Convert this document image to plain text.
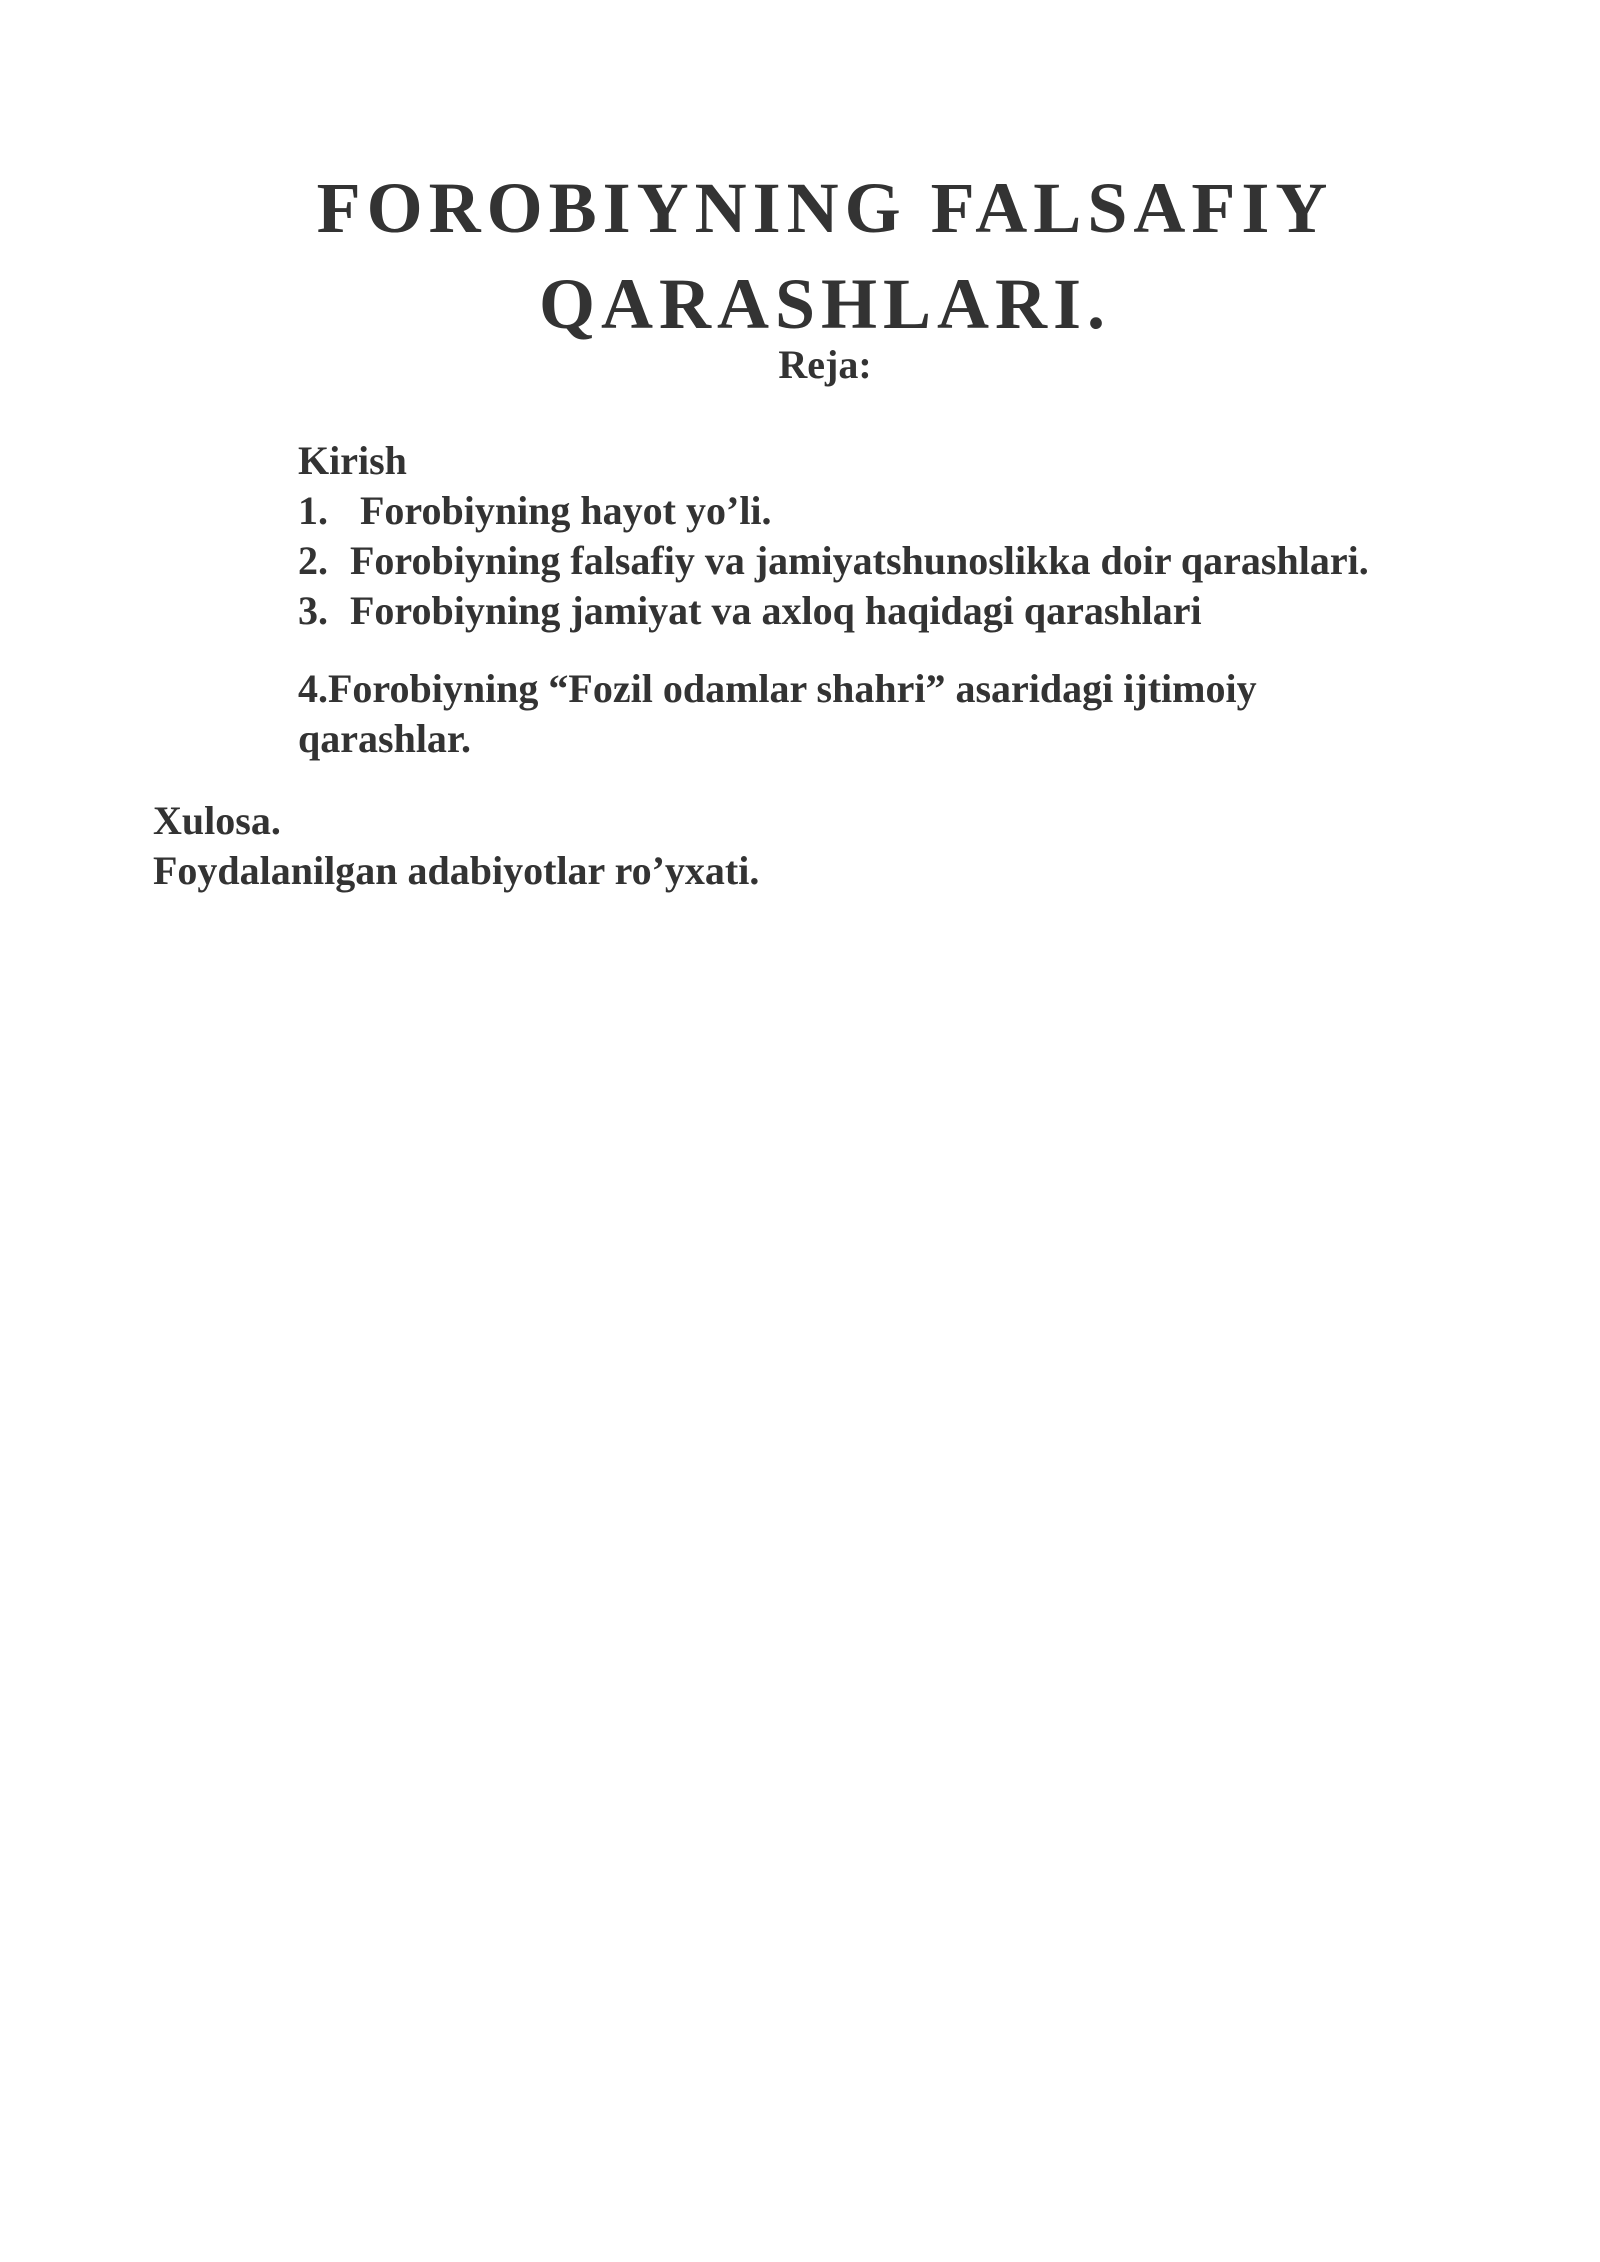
FOROBIYNING FALSAFIY
QARASHLARI.
Reja:
Kirish
1. Forobiyning hayot yo’li.
2. Forobiyning falsafiy va jamiyatshunoslikka doir qarashlari.
3. Forobiyning jamiyat va axloq haqidagi qarashlari
4.Forobiyning “Fozil odamlar shahri” asaridagi ijtimoiy qarashlar.
Xulosa.
Foydalanilgan adabiyotlar ro’yxati.
